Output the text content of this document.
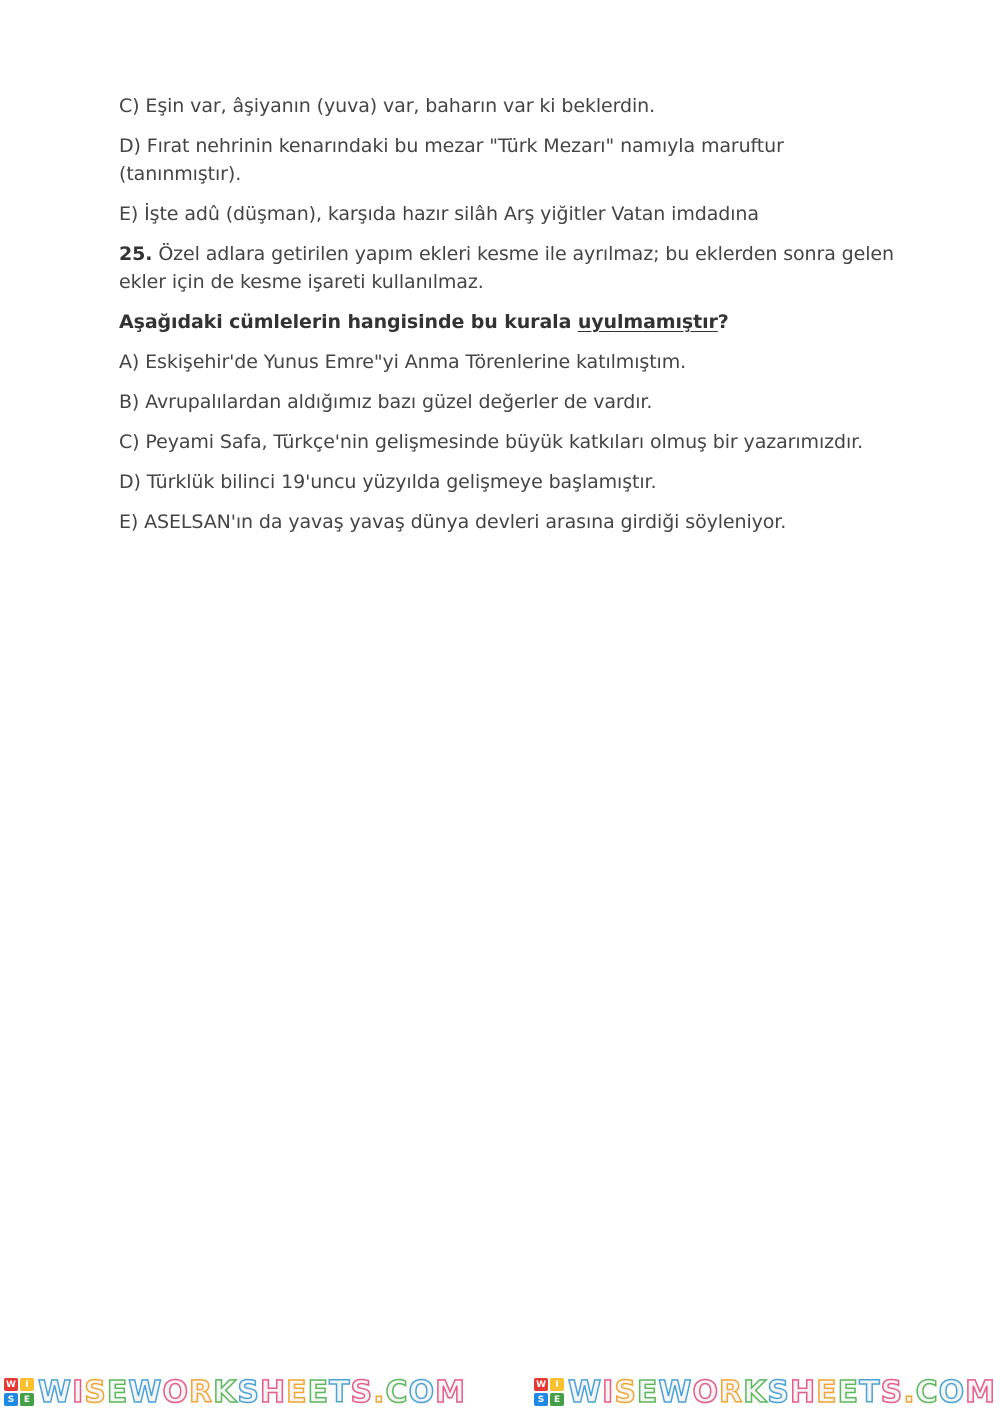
C) Eşin var, âşiyanın (yuva) var, baharın var ki beklerdin.

D) Fırat nehrinin kenarındaki bu mezar "Türk Mezarı" namıyla maruftur (tanınmıştır).

E) İşte adû (düşman), karşıda hazır silâh Arş yiğitler Vatan imdadına

25. Özel adlara getirilen yapım ekleri kesme ile ayrılmaz; bu eklerden sonra gelen ekler için de kesme işareti kullanılmaz.

Aşağıdaki cümlelerin hangisinde bu kurala uyulmamıştır?

A) Eskişehir'de Yunus Emre"yi Anma Törenlerine katılmıştım.

B) Avrupalılardan aldığımız bazı güzel değerler de vardır.

C) Peyami Safa, Türkçe'nin gelişmesinde büyük katkıları olmuş bir yazarımızdır.

D) Türklük bilinci 19'uncu yüzyılda gelişmeye başlamıştır.

E) ASELSAN'ın da yavaş yavaş dünya devleri arasına girdiği söyleniyor.

W	I
S	E WISEWORKSHEETS.COM	W	I
S	E WISEWORKSHEETS.COM
